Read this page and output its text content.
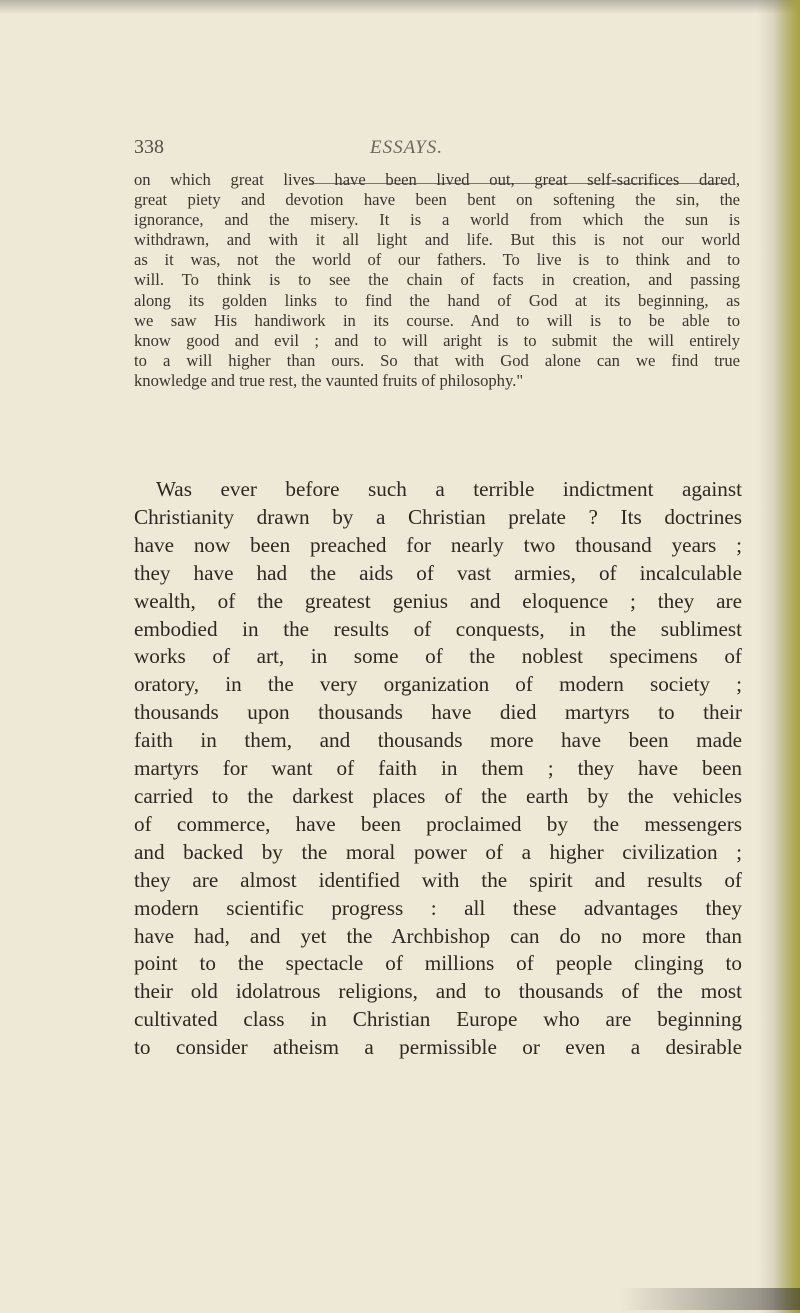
338	ESSAYS.
on which great lives have been lived out, great self-sacrifices dared,
great piety and devotion have been bent on softening the sin, the
ignorance, and the misery. It is a world from which the sun is
withdrawn, and with it all light and life. But this is not our world
as it was, not the world of our fathers. To live is to think and to
will. To think is to see the chain of facts in creation, and passing
along its golden links to find the hand of God at its beginning, as
we saw His handiwork in its course. And to will is to be able to
know good and evil ; and to will aright is to submit the will entirely
to a will higher than ours. So that with God alone can we find true
knowledge and true rest, the vaunted fruits of philosophy."
Was ever before such a terrible indictment against
Christianity drawn by a Christian prelate ? Its doctrines
have now been preached for nearly two thousand years ;
they have had the aids of vast armies, of incalculable
wealth, of the greatest genius and eloquence ; they are
embodied in the results of conquests, in the sublimest
works of art, in some of the noblest specimens of
oratory, in the very organization of modern society ;
thousands upon thousands have died martyrs to their
faith in them, and thousands more have been made
martyrs for want of faith in them ; they have been
carried to the darkest places of the earth by the vehicles
of commerce, have been proclaimed by the messengers
and backed by the moral power of a higher civilization ;
they are almost identified with the spirit and results of
modern scientific progress : all these advantages they
have had, and yet the Archbishop can do no more than
point to the spectacle of millions of people clinging to
their old idolatrous religions, and to thousands of the most
cultivated class in Christian Europe who are beginning
to consider atheism a permissible or even a desirable
